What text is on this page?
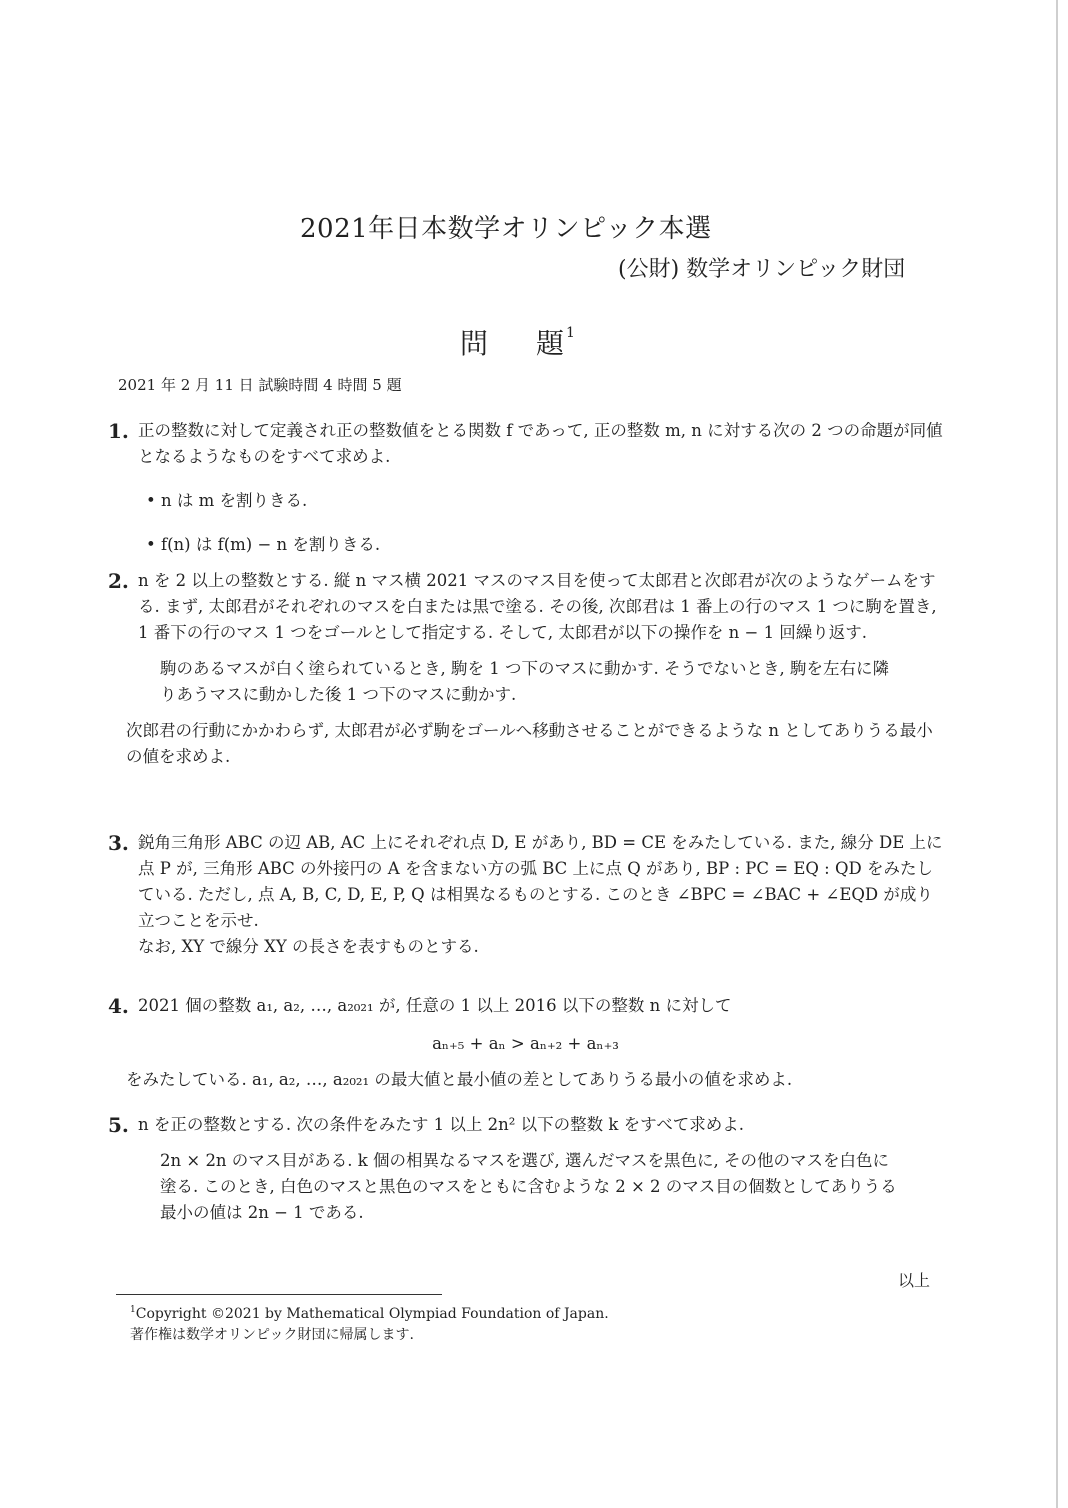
2021年日本数学オリンピック本選
(公財) 数学オリンピック財団
問 題 $^1$
2021 年 2 月 11 日 試験時間 4 時間 5 題
1. 正の整数に対して定義され正の整数値をとる関数 f であって, 正の整数 m, n に対する次の 2 つの命題が同値となるようなものをすべて求めよ.
• n は m を割りきる.
• f(n) は f(m) − n を割りきる.
2. n を 2 以上の整数とする. 縦 n マス横 2021 マスのマス目を使って太郎君と次郎君が次のようなゲームをする. まず, 太郎君がそれぞれのマスを白または黒で塗る. その後, 次郎君は 1 番上の行のマス 1 つに駒を置き, 1 番下の行のマス 1 つをゴールとして指定する. そして, 太郎君が以下の操作を n − 1 回繰り返す.
駒のあるマスが白く塗られているとき, 駒を 1 つ下のマスに動かす. そうでないとき, 駒を左右に隣りあうマスに動かした後 1 つ下のマスに動かす.
次郎君の行動にかかわらず, 太郎君が必ず駒をゴールへ移動させることができるような n としてありうる最小の値を求めよ.
3. 鋭角三角形 ABC の辺 AB, AC 上にそれぞれ点 D, E があり, BD = CE をみたしている. また, 線分 DE 上に点 P が, 三角形 ABC の外接円の A を含まない方の弧 BC 上に点 Q があり, BP : PC = EQ : QD をみたしている. ただし, 点 A, B, C, D, E, P, Q は相異なるものとする. このとき ∠BPC = ∠BAC + ∠EQD が成り立つことを示せ.
なお, XY で線分 XY の長さを表すものとする.
4. 2021 個の整数 a₁, a₂, …, a₂₀₂₁ が, 任意の 1 以上 2016 以下の整数 n に対して
aₙ₊₅ + aₙ > aₙ₊₂ + aₙ₊₃
をみたしている. a₁, a₂, …, a₂₀₂₁ の最大値と最小値の差としてありうる最小の値を求めよ.
5. n を正の整数とする. 次の条件をみたす 1 以上 2n² 以下の整数 k をすべて求めよ.
2n × 2n のマス目がある. k 個の相異なるマスを選び, 選んだマスを黒色に, その他のマスを白色に塗る. このとき, 白色のマスと黒色のマスをともに含むような 2 × 2 のマス目の個数としてありうる最小の値は 2n − 1 である.
以上
$^1$Copyright ©2021 by Mathematical Olympiad Foundation of Japan.
著作権は数学オリンピック財団に帰属します.
